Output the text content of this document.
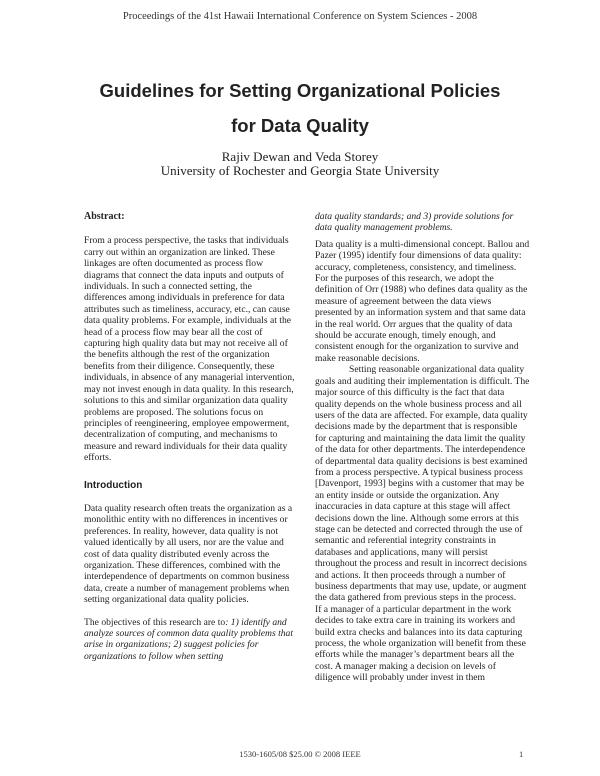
Proceedings of the 41st Hawaii International Conference on System Sciences - 2008
Guidelines for Setting Organizational Policies
for Data Quality
Rajiv Dewan and Veda Storey
University of Rochester and Georgia State University

Abstract:

From a process perspective, the tasks that individuals carry out within an organization are linked. These linkages are often documented as process flow diagrams that connect the data inputs and outputs of individuals. In such a connected setting, the differences among individuals in preference for data attributes such as timeliness, accuracy, etc., can cause data quality problems. For example, individuals at the head of a process flow may bear all the cost of capturing high quality data but may not receive all of the benefits although the rest of the organization benefits from their diligence. Consequently, these individuals, in absence of any managerial intervention, may not invest enough in data quality. In this research, solutions to this and similar organization data quality problems are proposed. The solutions focus on principles of reengineering, employee empowerment, decentralization of computing, and mechanisms to measure and reward individuals for their data quality efforts.

Introduction

Data quality research often treats the organization as a monolithic entity with no differences in incentives or preferences. In reality, however, data quality is not valued identically by all users, nor are the value and cost of data quality distributed evenly across the organization. These differences, combined with the interdependence of departments on common business data, create a number of management problems when setting organizational data quality policies.

The objectives of this research are to: 1) identify and analyze sources of common data quality problems that arise in organizations; 2) suggest policies for organizations to follow when setting

data quality standards; and 3) provide solutions for data quality management problems.

Data quality is a multi-dimensional concept. Ballou and Pazer (1995) identify four dimensions of data quality: accuracy, completeness, consistency, and timeliness. For the purposes of this research, we adopt the definition of Orr (1988) who defines data quality as the measure of agreement between the data views presented by an information system and that same data in the real world. Orr argues that the quality of data should be accurate enough, timely enough, and consistent enough for the organization to survive and make reasonable decisions.

Setting reasonable organizational data quality goals and auditing their implementation is difficult. The major source of this difficulty is the fact that data quality depends on the whole business process and all users of the data are affected. For example, data quality decisions made by the department that is responsible for capturing and maintaining the data limit the quality of the data for other departments. The interdependence of departmental data quality decisions is best examined from a process perspective. A typical business process [Davenport, 1993] begins with a customer that may be an entity inside or outside the organization. Any inaccuracies in data capture at this stage will affect decisions down the line. Although some errors at this stage can be detected and corrected through the use of semantic and referential integrity constraints in databases and applications, many will persist throughout the process and result in incorrect decisions and actions. It then proceeds through a number of business departments that may use, update, or augment the data gathered from previous steps in the process.

If a manager of a particular department in the work decides to take extra care in training its workers and build extra checks and balances into its data capturing process, the whole organization will benefit from these efforts while the manager’s department bears all the cost. A manager making a decision on levels of diligence will probably under invest in them

1530-1605/08 $25.00 © 2008 IEEE	1
